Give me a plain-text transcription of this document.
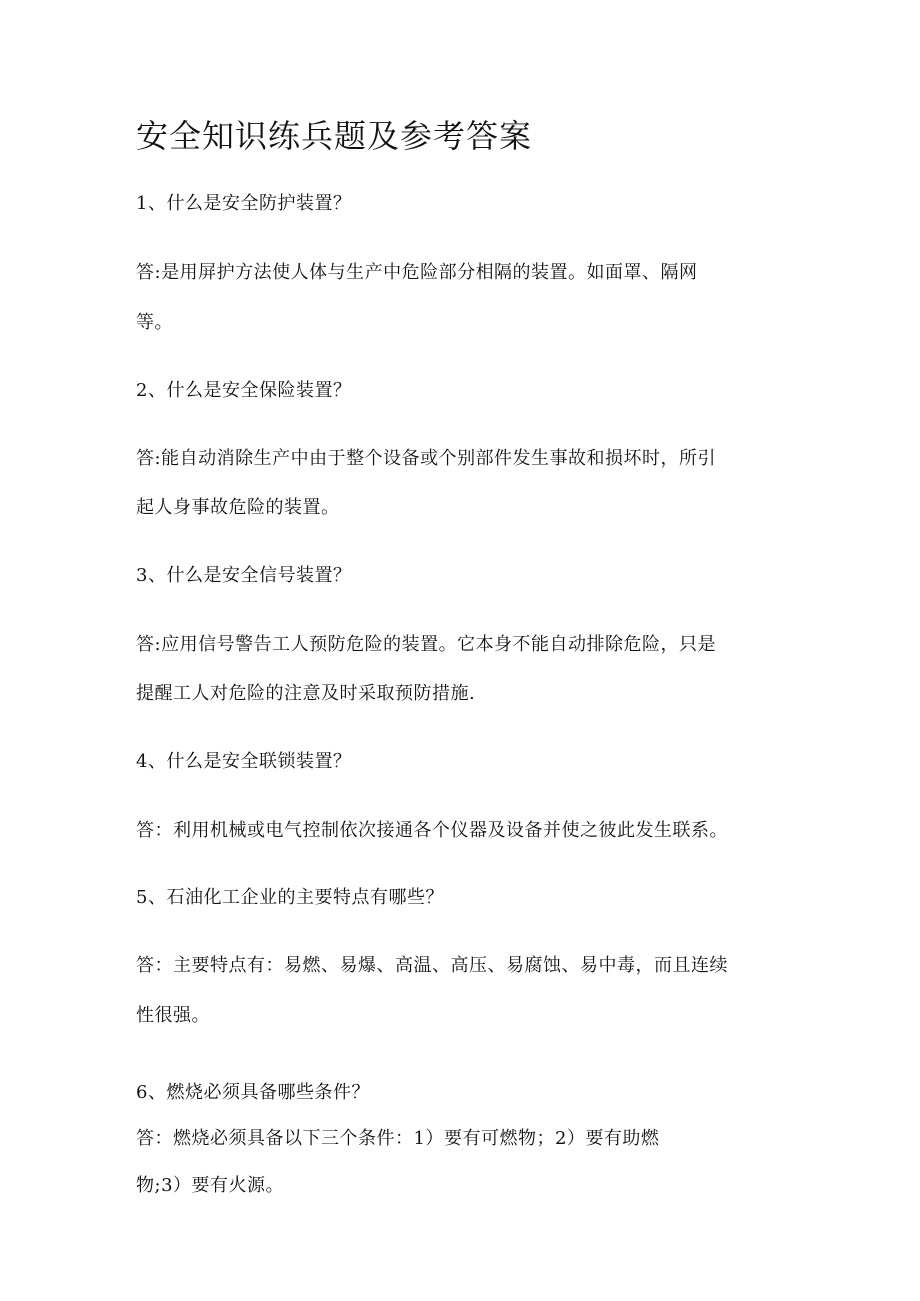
安全知识练兵题及参考答案
1、什么是安全防护装置？
答:是用屏护方法使人体与生产中危险部分相隔的装置。如面罩、隔网
等。
2、什么是安全保险装置？
答:能自动消除生产中由于整个设备或个别部件发生事故和损坏时，所引
起人身事故危险的装置。
3、什么是安全信号装置？
答:应用信号警告工人预防危险的装置。它本身不能自动排除危险，只是
提醒工人对危险的注意及时采取预防措施.
4、什么是安全联锁装置？
答：利用机械或电气控制依次接通各个仪器及设备并使之彼此发生联系。
5、石油化工企业的主要特点有哪些？
答：主要特点有：易燃、易爆、高温、高压、易腐蚀、易中毒，而且连续
性很强。
6、燃烧必须具备哪些条件？
答：燃烧必须具备以下三个条件：1）要有可燃物；2）要有助燃
物;3）要有火源。
